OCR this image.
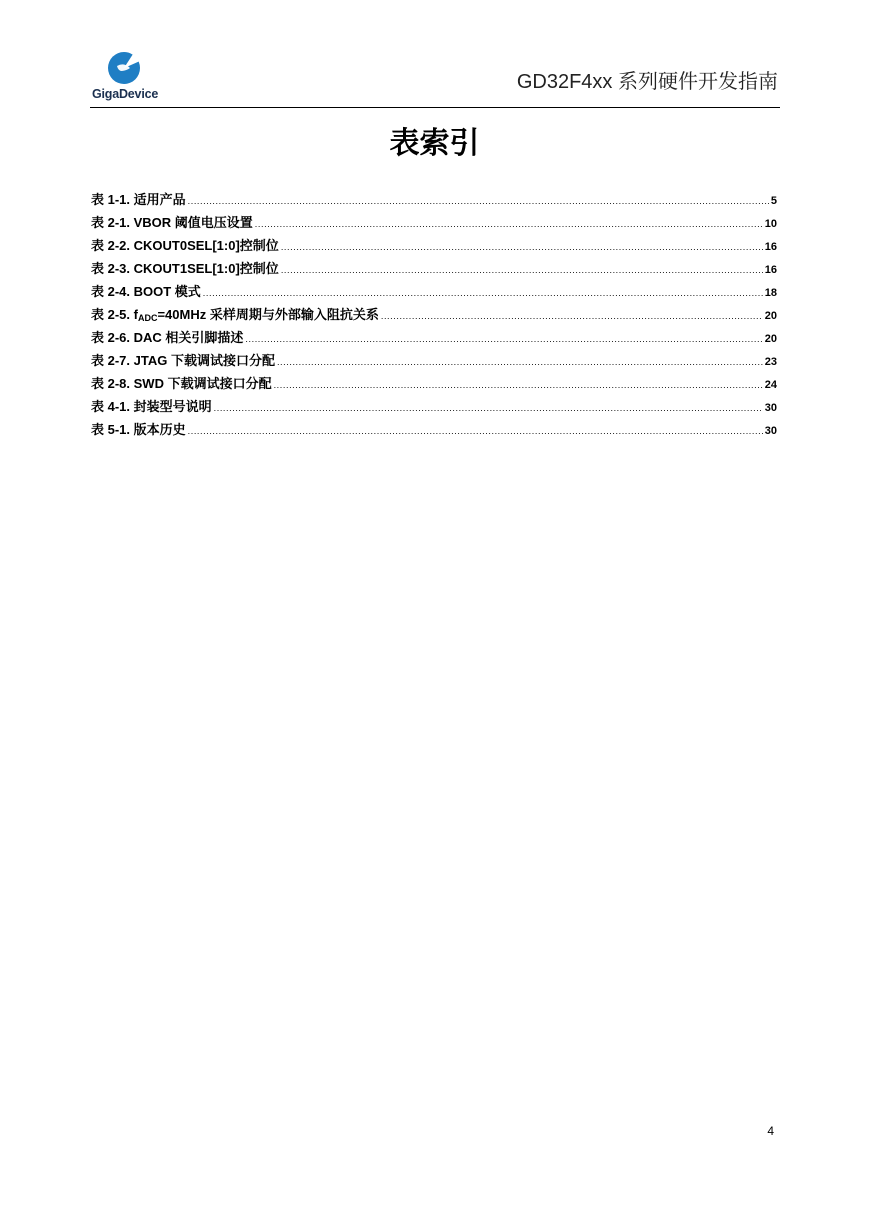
GigaDevice
GD32F4xx 系列硬件开发指南
表索引
表 1-1. 适用产品 .....	5
表 2-1. VBOR 阈值电压设置 .....	10
表 2-2. CKOUT0SEL[1:0]控制位 .....	16
表 2-3. CKOUT1SEL[1:0]控制位 .....	16
表 2-4. BOOT 模式 .....	18
表 2-5. $f_{ADC}=40MHz$ 采样周期与外部输入阻抗关系 .....	20
表 2-6. DAC 相关引脚描述 .....	20
表 2-7. JTAG 下载调试接口分配 .....	23
表 2-8. SWD 下载调试接口分配 .....	24
表 4-1. 封装型号说明 .....	30
表 5-1. 版本历史 .....	30
4
